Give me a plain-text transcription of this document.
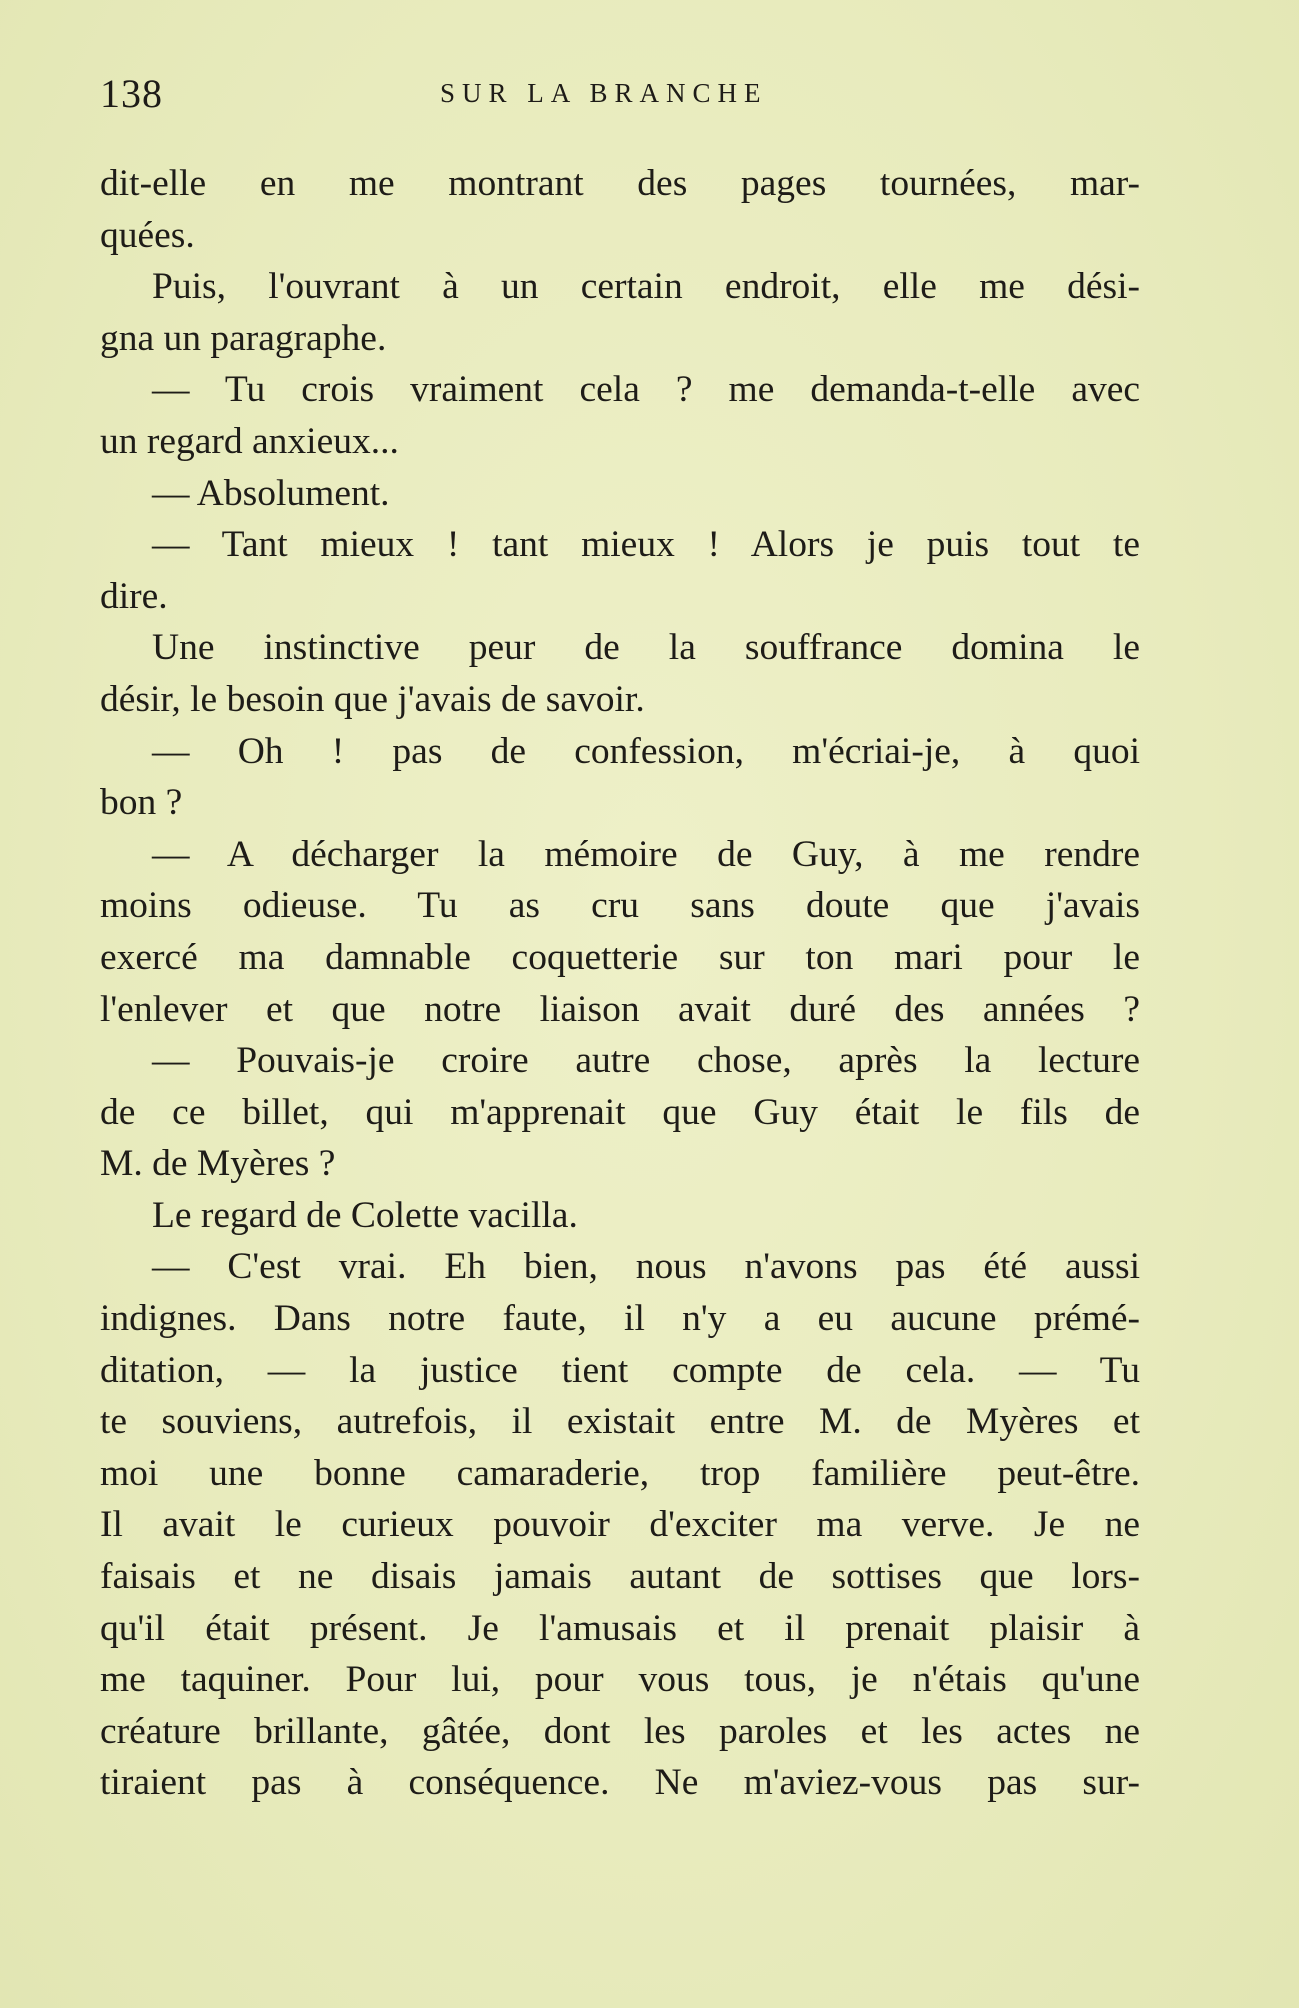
138	SUR LA BRANCHE

dit-elle en me montrant des pages tournées, mar-

quées.

Puis, l'ouvrant à un certain endroit, elle me dési-

gna un paragraphe.

— Tu crois vraiment cela ? me demanda-t-elle avec

un regard anxieux...

— Absolument.

— Tant mieux ! tant mieux ! Alors je puis tout te

dire.

Une instinctive peur de la souffrance domina le

désir, le besoin que j'avais de savoir.

— Oh ! pas de confession, m'écriai-je, à quoi

bon ?

— A décharger la mémoire de Guy, à me rendre

moins odieuse. Tu as cru sans doute que j'avais

exercé ma damnable coquetterie sur ton mari pour le

l'enlever et que notre liaison avait duré des années ?

— Pouvais-je croire autre chose, après la lecture

de ce billet, qui m'apprenait que Guy était le fils de

M. de Myères ?

Le regard de Colette vacilla.

— C'est vrai. Eh bien, nous n'avons pas été aussi

indignes. Dans notre faute, il n'y a eu aucune prémé-

ditation, — la justice tient compte de cela. — Tu

te souviens, autrefois, il existait entre M. de Myères et

moi une bonne camaraderie, trop familière peut-être.

Il avait le curieux pouvoir d'exciter ma verve. Je ne

faisais et ne disais jamais autant de sottises que lors-

qu'il était présent. Je l'amusais et il prenait plaisir à

me taquiner. Pour lui, pour vous tous, je n'étais qu'une

créature brillante, gâtée, dont les paroles et les actes ne

tiraient pas à conséquence. Ne m'aviez-vous pas sur-
